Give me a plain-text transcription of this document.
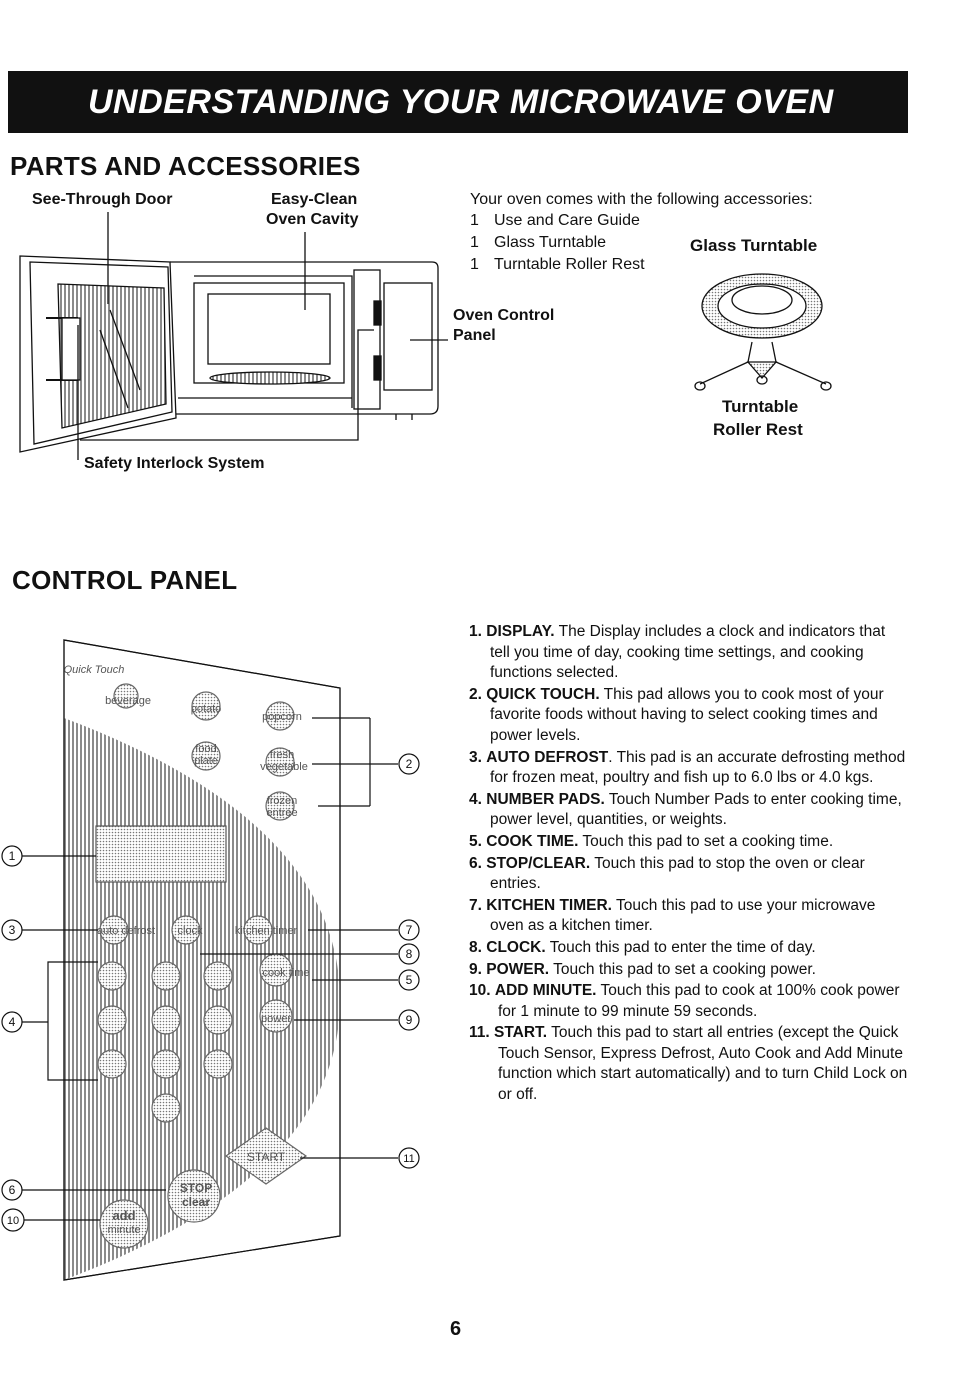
UNDERSTANDING YOUR MICROWAVE OVEN
PARTS AND ACCESSORIES
See-Through Door	Easy-Clean
Oven Cavity
Oven Control
Panel
Safety Interlock System
Your oven comes with the following accessories:
1 Use and Care Guide
1 Glass Turntable
1 Turntable Roller Rest
Glass Turntable
Turntable
Roller Rest
2
1
3	7
8
5
4	9
11
6
10
Quick Touch
beverage
potato
popcorn
food
plate	fresh
vegetable
frozen
entrée
auto defrost clock	kitchen timer
cook time
power
START
STOP
clear
add
minute
CONTROL PANEL
1. DISPLAY. The Display includes a clock and indicators that tell you time of day, cooking time settings, and cooking functions selected.
2. QUICK TOUCH. This pad allows you to cook most of your favorite foods without having to select cooking times and power levels.
3. AUTO DEFROST. This pad is an accurate defrosting method for frozen meat, poultry and fish up to 6.0 lbs or 4.0 kgs.
4. NUMBER PADS. Touch Number Pads to enter cooking time, power level, quantities, or weights.
5. COOK TIME. Touch this pad to set a cooking time.
6. STOP/CLEAR. Touch this pad to stop the oven or clear entries.
7. KITCHEN TIMER. Touch this pad to use your microwave oven as a kitchen timer.
8. CLOCK. Touch this pad to enter the time of day.
9. POWER. Touch this pad to set a cooking power.
10. ADD MINUTE. Touch this pad to cook at 100% cook power for 1 minute to 99 minute 59 seconds.
11. START. Touch this pad to start all entries (except the Quick Touch Sensor, Express Defrost, Auto Cook and Add Minute function which start automatically) and to turn Child Lock on or off.
6
